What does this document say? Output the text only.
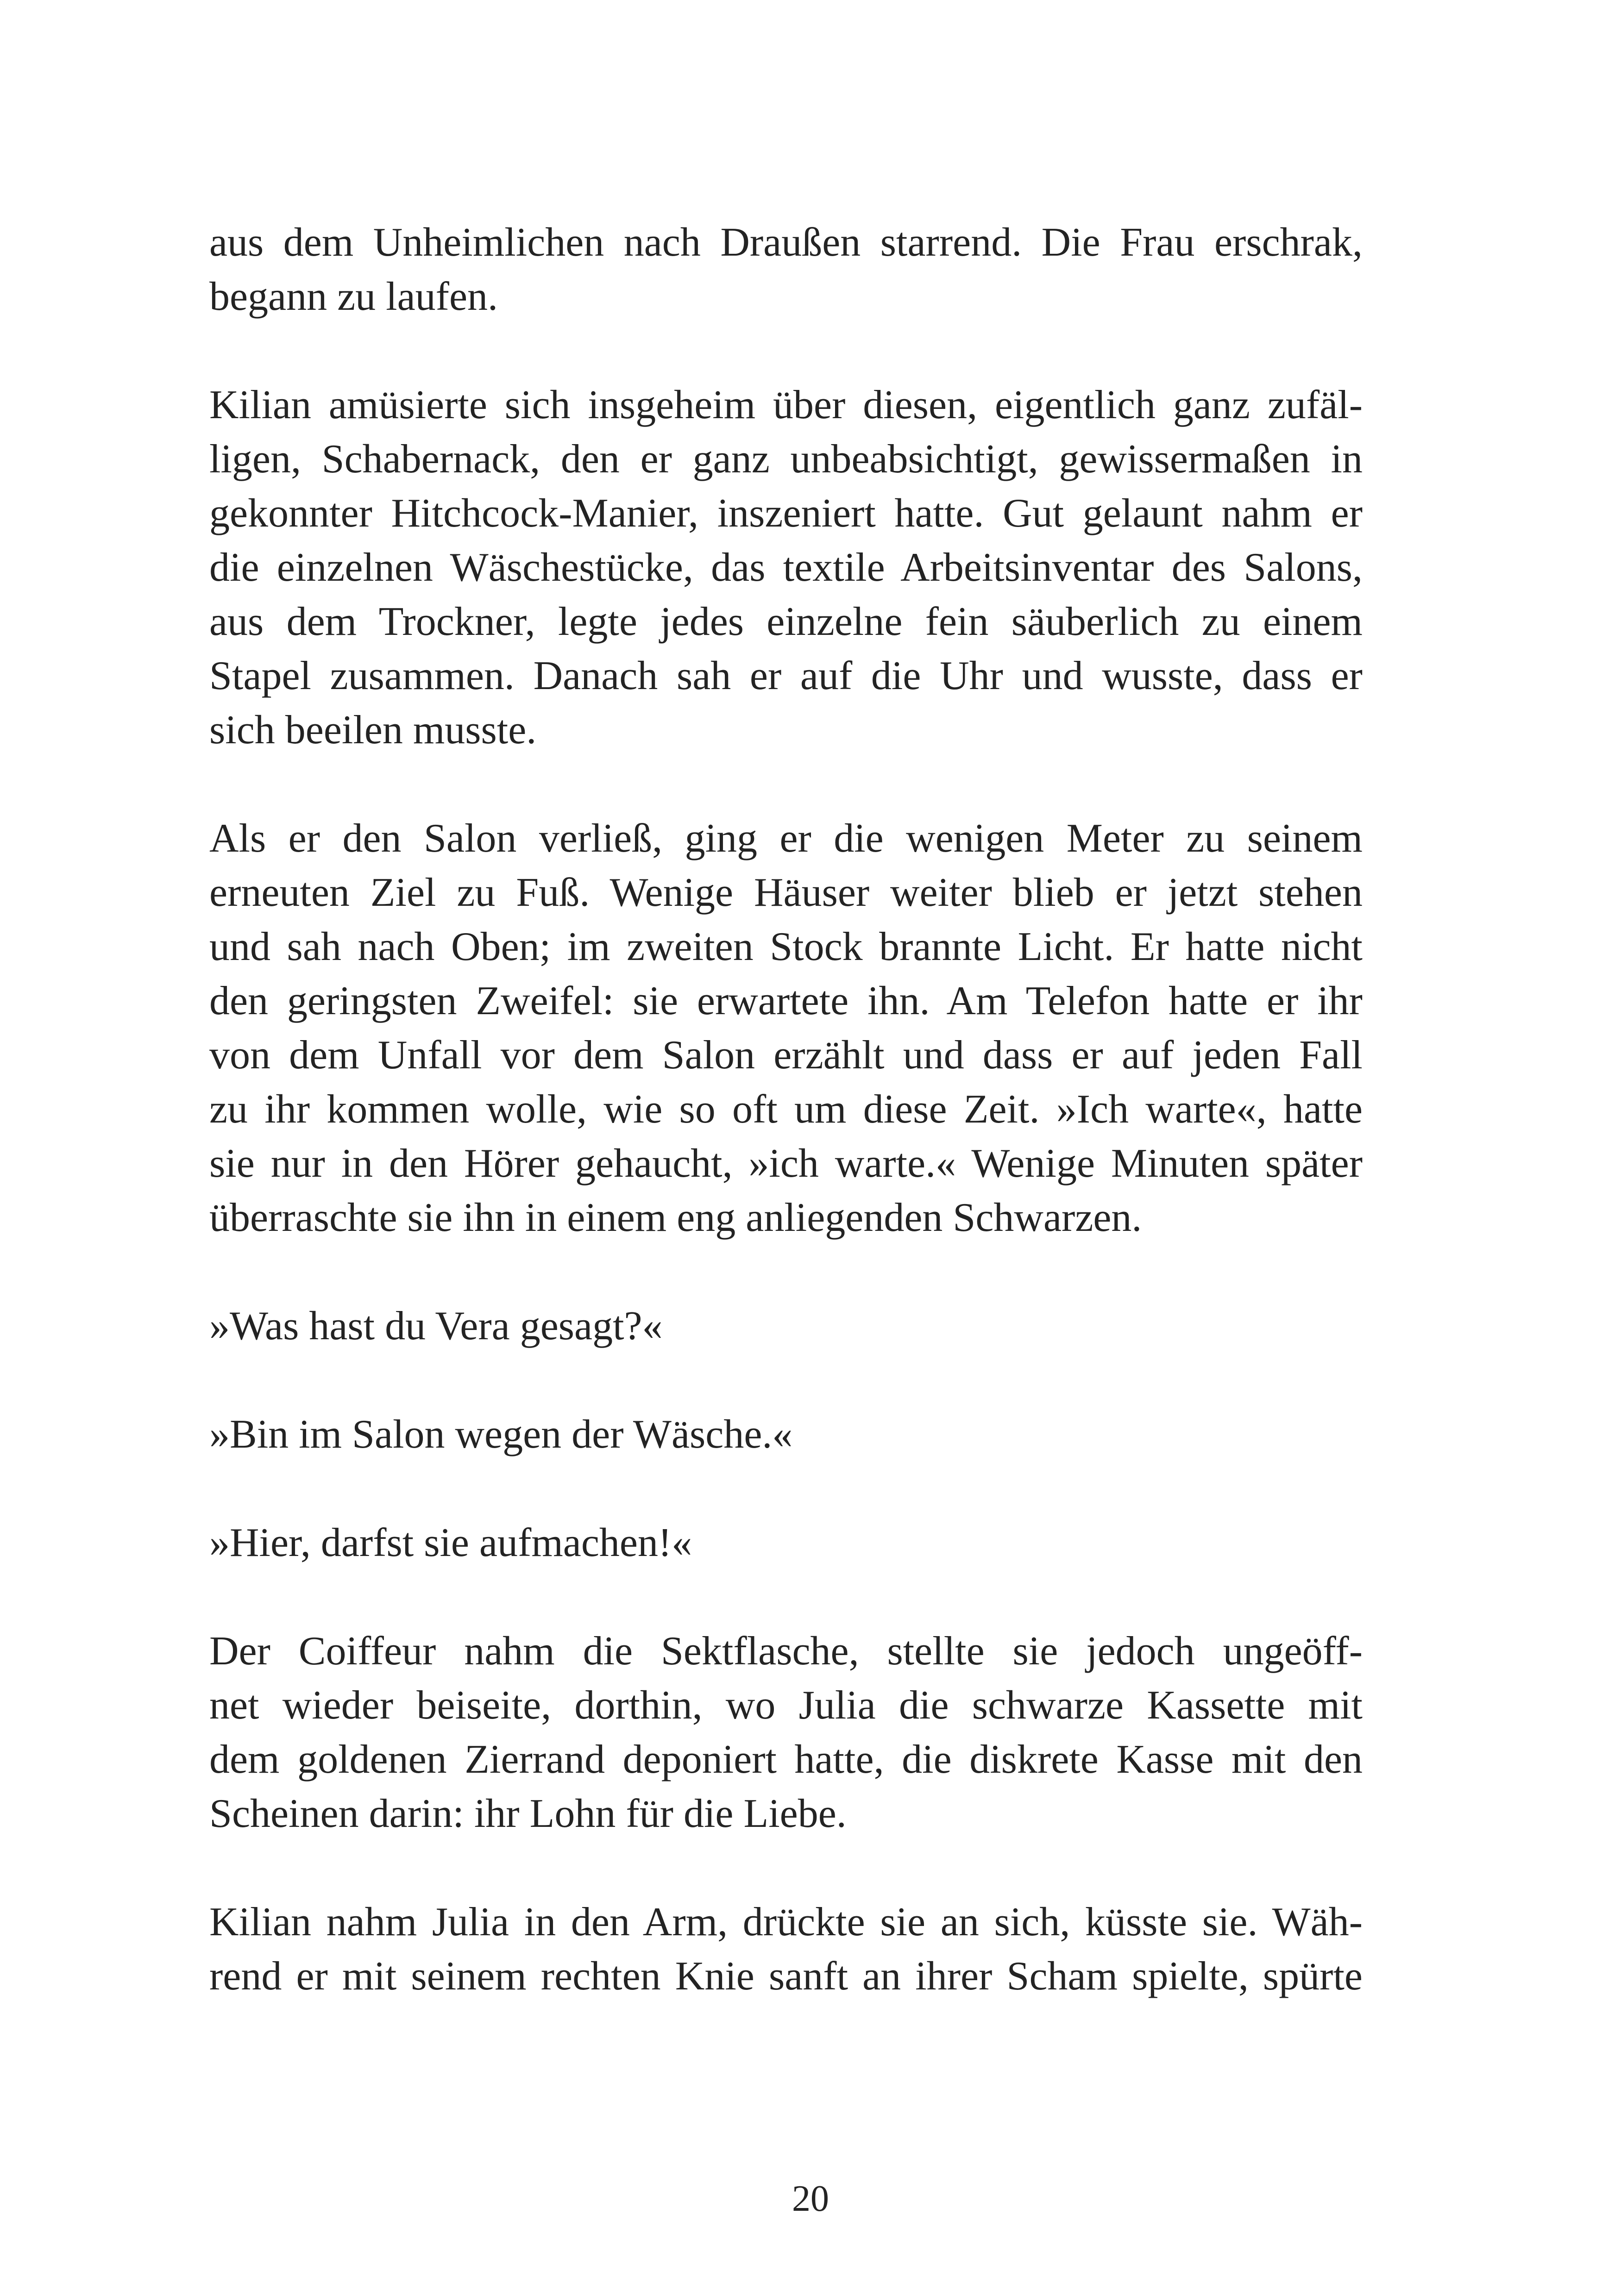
aus dem Unheimlichen nach Draußen starrend. Die Frau erschrak,
begann zu laufen.
Kilian amüsierte sich insgeheim über diesen, eigentlich ganz zufäl-
ligen, Schabernack, den er ganz unbeabsichtigt, gewissermaßen in
gekonnter Hitchcock-Manier, inszeniert hatte. Gut gelaunt nahm er
die einzelnen Wäschestücke, das textile Arbeitsinventar des Salons,
aus dem Trockner, legte jedes einzelne fein säuberlich zu einem
Stapel zusammen. Danach sah er auf die Uhr und wusste, dass er
sich beeilen musste.
Als er den Salon verließ, ging er die wenigen Meter zu seinem
erneuten Ziel zu Fuß. Wenige Häuser weiter blieb er jetzt stehen
und sah nach Oben; im zweiten Stock brannte Licht. Er hatte nicht
den geringsten Zweifel: sie erwartete ihn. Am Telefon hatte er ihr
von dem Unfall vor dem Salon erzählt und dass er auf jeden Fall
zu ihr kommen wolle, wie so oft um diese Zeit. »Ich warte«, hatte
sie nur in den Hörer gehaucht, »ich warte.« Wenige Minuten später
überraschte sie ihn in einem eng anliegenden Schwarzen.
»Was hast du Vera gesagt?«
»Bin im Salon wegen der Wäsche.«
»Hier, darfst sie aufmachen!«
Der Coiffeur nahm die Sektflasche, stellte sie jedoch ungeöff-
net wieder beiseite, dorthin, wo Julia die schwarze Kassette mit
dem goldenen Zierrand deponiert hatte, die diskrete Kasse mit den
Scheinen darin: ihr Lohn für die Liebe.
Kilian nahm Julia in den Arm, drückte sie an sich, küsste sie. Wäh-
rend er mit seinem rechten Knie sanft an ihrer Scham spielte, spürte
20
